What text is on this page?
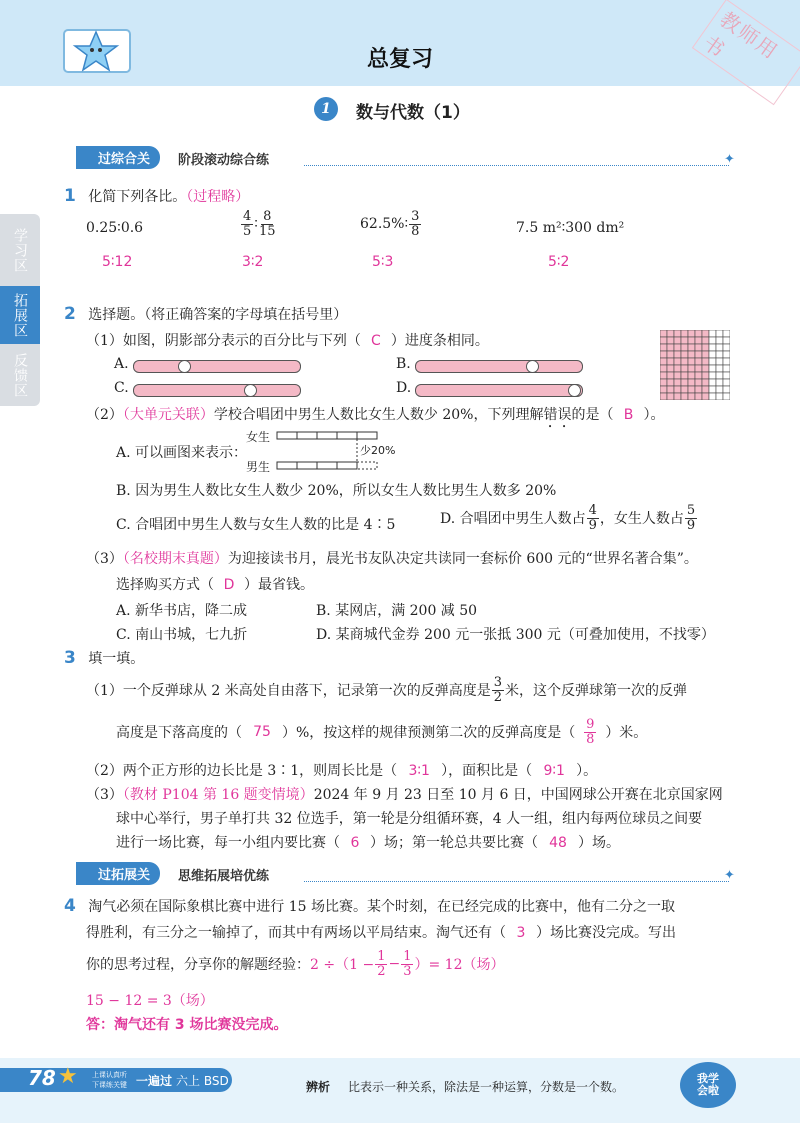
总复习	教师用书
1	数与代数（1）
学习区
拓展区
反馈区
过综合关	阶段滚动综合练	✦
1 化简下列各比。（过程略）
0.25∶0.6	$\frac{4}{5}$ ∶ $\frac{8}{15}$	62.5%∶ $\frac{3}{8}$	7.5 m²∶300 dm²
5∶12	3∶2	5∶3	5∶2
2 选择题。（将正确答案的字母填在括号里）
（1）如图，阴影部分表示的百分比与下列（ C ）进度条相同。
A.	B.
C.	D.
（2）（大单元关联）学校合唱团中男生人数比女生人数少 20%，下列理解错误的是（ B ）。
A. 可以画图来表示：
女生
男生
少20%
B. 因为男生人数比女生人数少 20%，所以女生人数比男生人数多 20%
C. 合唱团中男生人数与女生人数的比是 4∶5	D. 合唱团中男生人数占 $\frac{4}{9}$ ，女生人数占 $\frac{5}{9}$
（3）（名校期末真题）为迎接读书月，晨光书友队决定共读同一套标价 600 元的“世界名著合集”。
选择购买方式（ D ）最省钱。
A. 新华书店，降二成	B. 某网店，满 200 减 50
C. 南山书城，七九折	D. 某商城代金券 200 元一张抵 300 元（可叠加使用，不找零）
3 填一填。
（1）一个反弹球从 2 米高处自由落下，记录第一次的反弹高度是 $\frac{3}{2}$ 米，这个反弹球第一次的反弹
高度是下落高度的（ 75 ）%，按这样的规律预测第二次的反弹高度是（ $\frac{9}{8}$ ）米。
（2）两个正方形的边长比是 3∶1，则周长比是（ 3∶1 ），面积比是（ 9∶1 ）。
（3）（教材 P104 第 16 题变情境）2024 年 9 月 23 日至 10 月 6 日，中国网球公开赛在北京国家网
球中心举行，男子单打共 32 位选手，第一轮是分组循环赛，4 人一组，组内每两位球员之间要
进行一场比赛，每一小组内要比赛（ 6 ）场；第一轮总共要比赛（ 48 ）场。
过拓展关	思维拓展培优练	✦
4 淘气必须在国际象棋比赛中进行 15 场比赛。某个时刻，在已经完成的比赛中，他有二分之一取
得胜利，有三分之一输掉了，而其中有两场以平局结束。淘气还有（ 3 ）场比赛没完成。写出
你的思考过程，分享你的解题经验：$2 \div(1 - \frac{1}{2} - \frac{1}{3}$ ）= 12（场）
15 − 12 = 3（场）
答：淘气还有 3 场比赛没完成。
78 ★ 上课认真听
下课练关键 一遍过 六上 BSD	辨析 比表示一种关系，除法是一种运算，分数是一个数。
我学会啦
